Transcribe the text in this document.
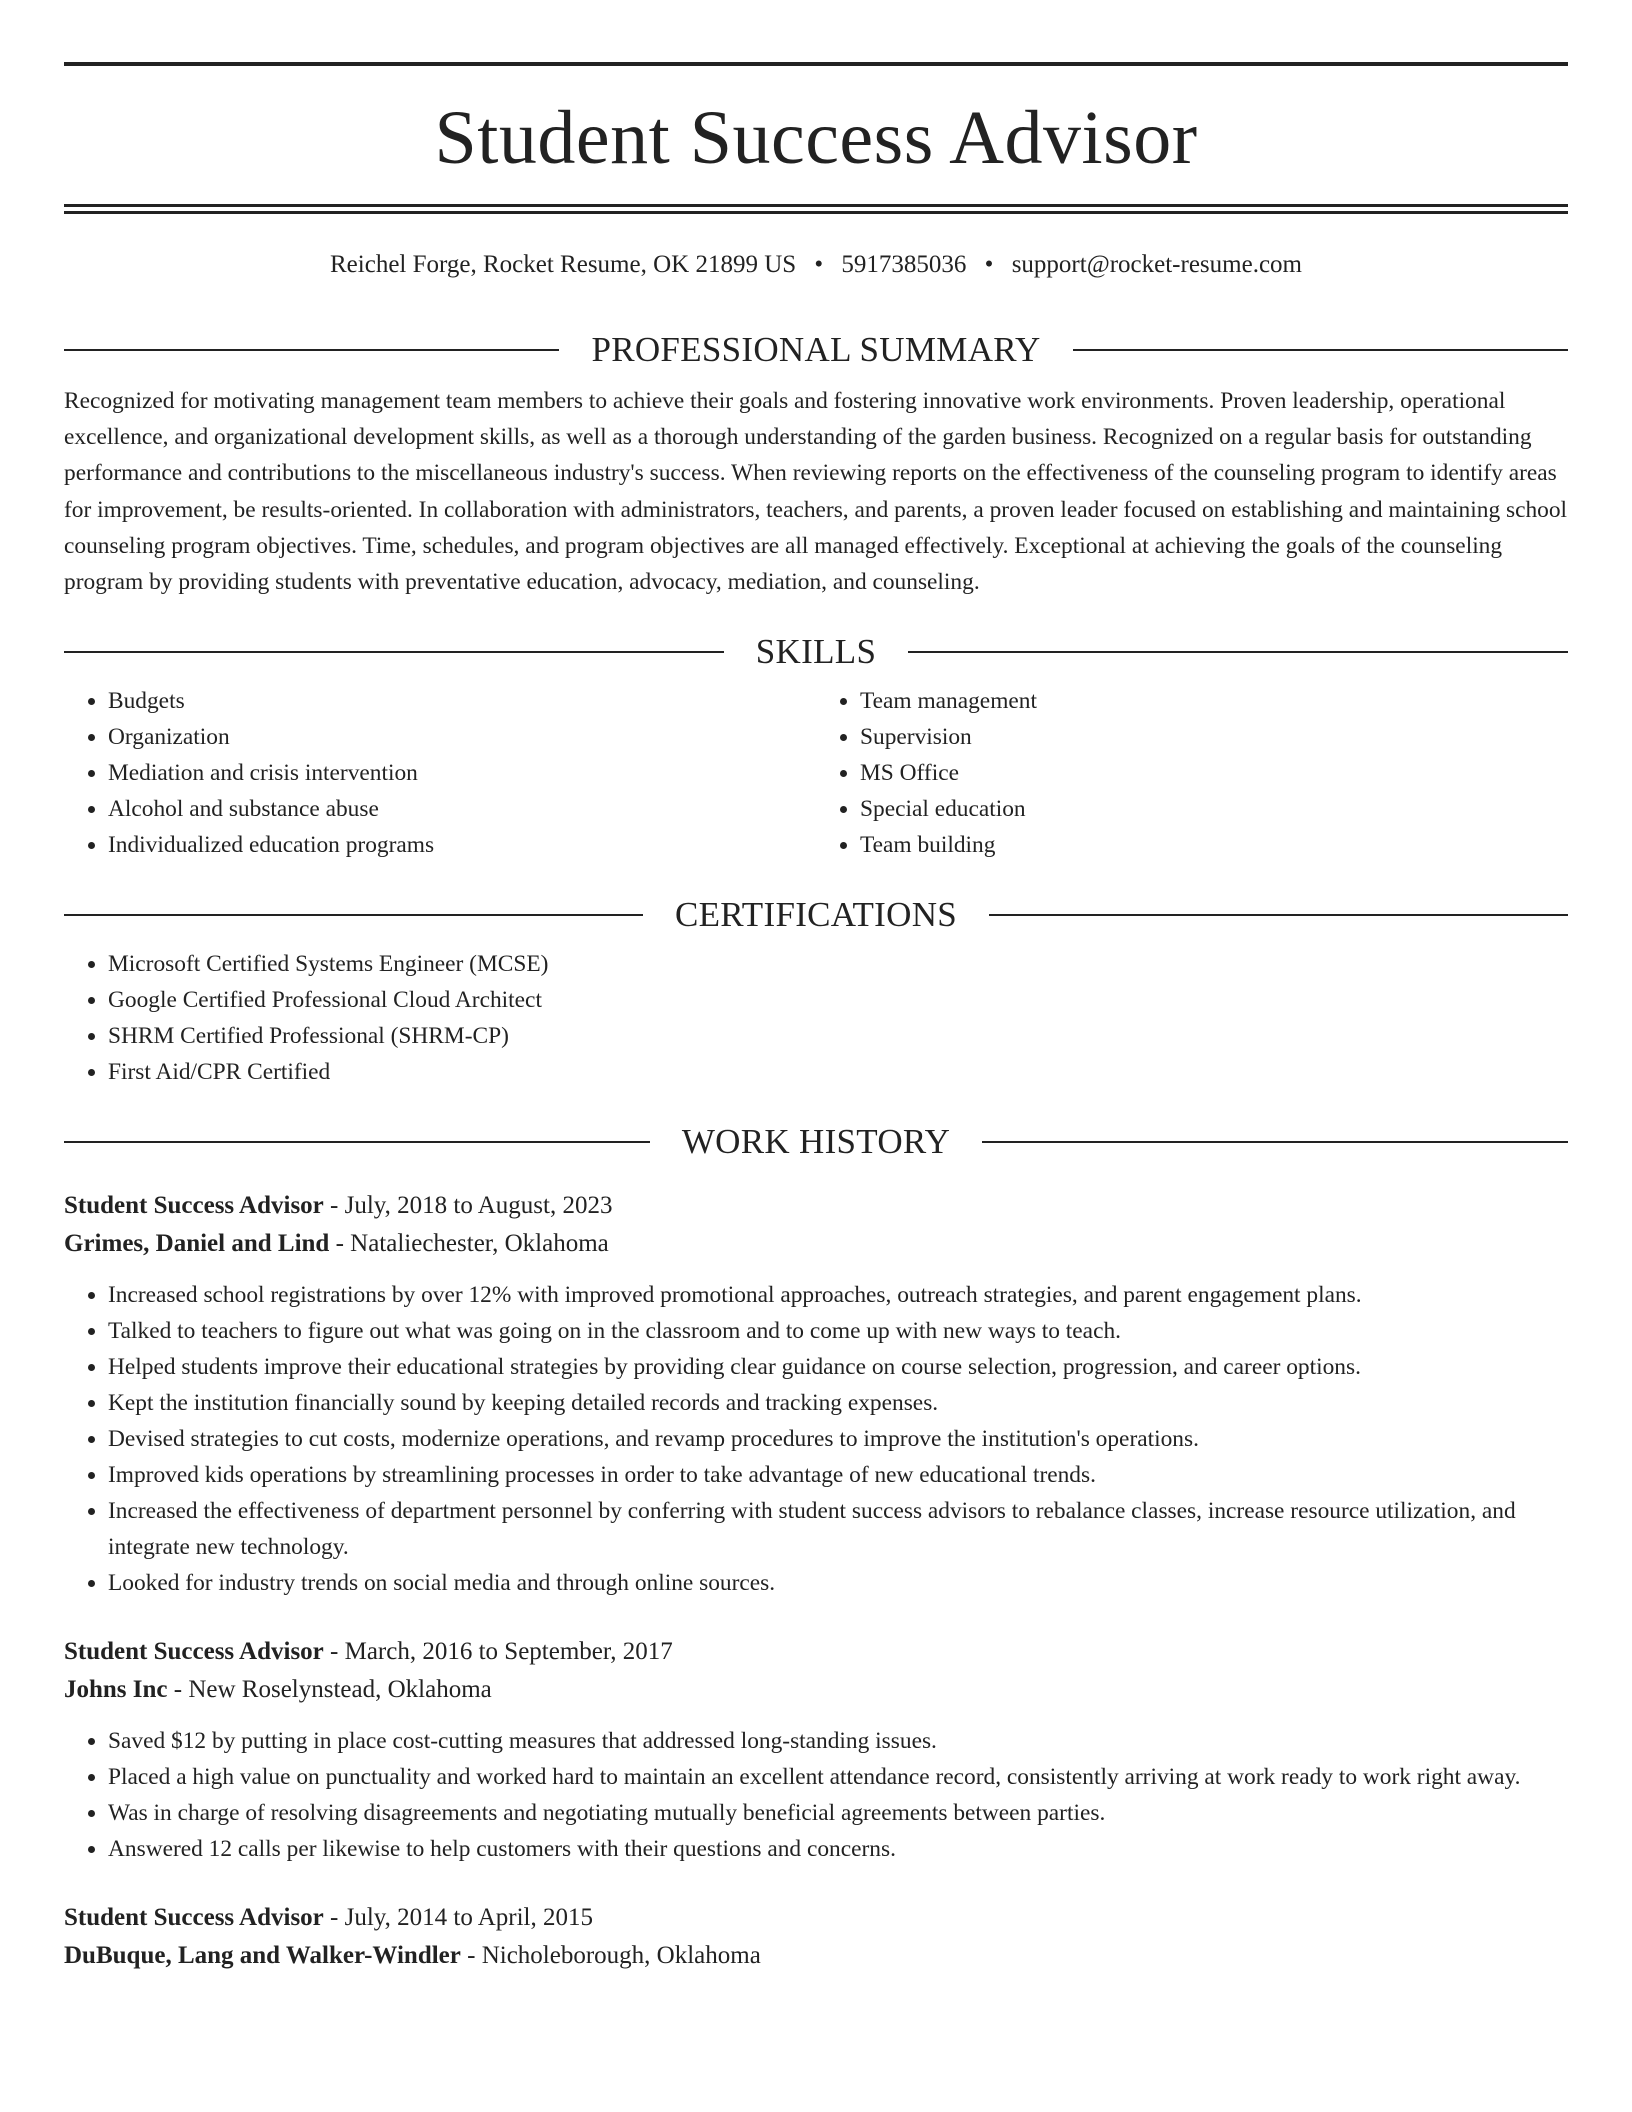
Student Success Advisor
Reichel Forge, Rocket Resume, OK 21899 US • 5917385036 • support@rocket-resume.com
PROFESSIONAL SUMMARY

Recognized for motivating management team members to achieve their goals and fostering innovative work environments. Proven leadership, operational excellence, and organizational development skills, as well as a thorough understanding of the garden business. Recognized on a regular basis for outstanding performance and contributions to the miscellaneous industry's success. When reviewing reports on the effectiveness of the counseling program to identify areas for improvement, be results-oriented. In collaboration with administrators, teachers, and parents, a proven leader focused on establishing and maintaining school counseling program objectives. Time, schedules, and program objectives are all managed effectively. Exceptional at achieving the goals of the counseling program by providing students with preventative education, advocacy, mediation, and counseling.

SKILLS
• Budgets
• Organization
• Mediation and crisis intervention
• Alcohol and substance abuse
• Individualized education programs
• Team management
• Supervision
• MS Office
• Special education
• Team building
CERTIFICATIONS
• Microsoft Certified Systems Engineer (MCSE)
• Google Certified Professional Cloud Architect
• SHRM Certified Professional (SHRM-CP)
• First Aid/CPR Certified
WORK HISTORY
Student Success Advisor - July, 2018 to August, 2023
Grimes, Daniel and Lind - Nataliechester, Oklahoma
• Increased school registrations by over 12% with improved promotional approaches, outreach strategies, and parent engagement plans.
• Talked to teachers to figure out what was going on in the classroom and to come up with new ways to teach.
• Helped students improve their educational strategies by providing clear guidance on course selection, progression, and career options.
• Kept the institution financially sound by keeping detailed records and tracking expenses.
• Devised strategies to cut costs, modernize operations, and revamp procedures to improve the institution's operations.
• Improved kids operations by streamlining processes in order to take advantage of new educational trends.
• Increased the effectiveness of department personnel by conferring with student success advisors to rebalance classes, increase resource utilization, and integrate new technology.
• Looked for industry trends on social media and through online sources.
Student Success Advisor - March, 2016 to September, 2017
Johns Inc - New Roselynstead, Oklahoma
• Saved $12 by putting in place cost-cutting measures that addressed long-standing issues.
• Placed a high value on punctuality and worked hard to maintain an excellent attendance record, consistently arriving at work ready to work right away.
• Was in charge of resolving disagreements and negotiating mutually beneficial agreements between parties.
• Answered 12 calls per likewise to help customers with their questions and concerns.
Student Success Advisor - July, 2014 to April, 2015
DuBuque, Lang and Walker-Windler - Nicholeborough, Oklahoma
